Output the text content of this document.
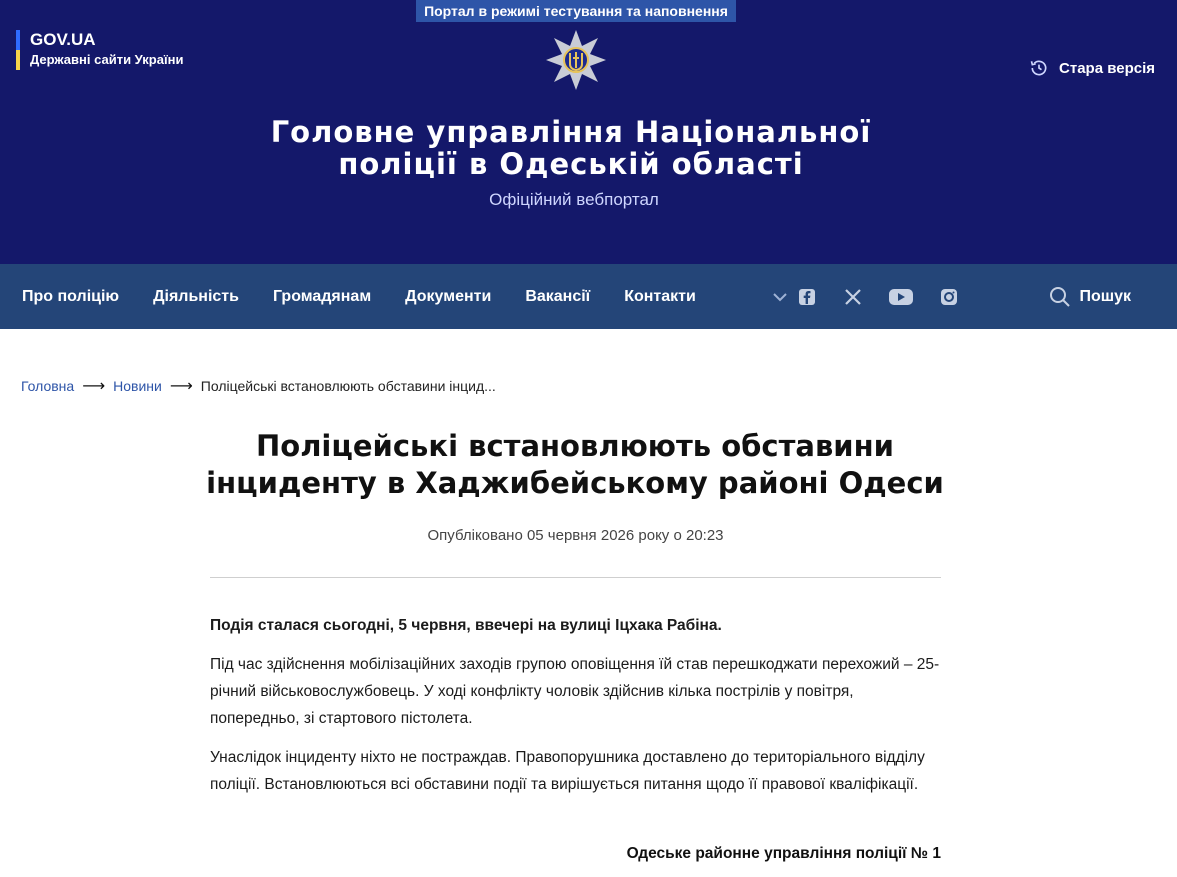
GOV.UA
Державні сайти України	Стара версія
Головне управління Національної
поліції в Одеській області
Офіційний вебпортал
Портал в режимі тестування та наповнення
Про поліцію Діяльність Громадянам Документи Вакансії Контакти	Пошук
Головна ⟶ Новини ⟶ Поліцейські встановлюють обставини інцид...
Поліцейські встановлюють обставини
інциденту в Хаджибейському районі Одеси
Опубліковано 05 червня 2026 року о 20:23

Подія сталася сьогодні, 5 червня, ввечері на вулиці Іцхака Рабіна.

Під час здійснення мобілізаційних заходів групою оповіщення їй став перешкоджати перехожий – 25-річний військовослужбовець. У ході конфлікту чоловік здійснив кілька пострілів у повітря, попередньо, зі стартового пістолета.

Унаслідок інциденту ніхто не постраждав. Правопорушника доставлено до територіального відділу поліції. Встановлюються всі обставини події та вирішується питання щодо її правової кваліфікації.

Одеське районне управління поліції № 1
